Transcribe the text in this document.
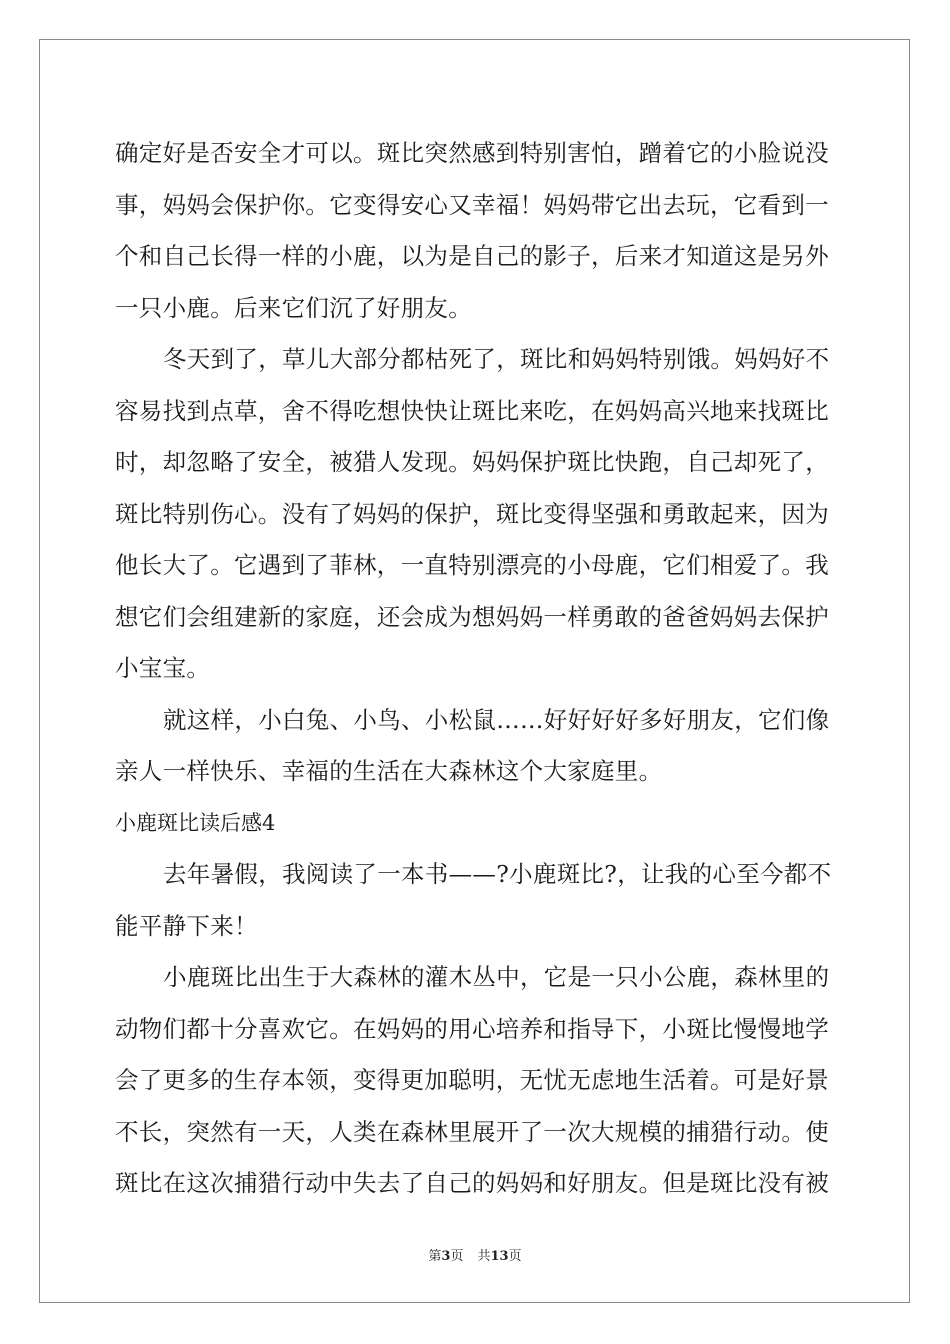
确定好是否安全才可以。斑比突然感到特别害怕，蹭着它的小脸说没
事，妈妈会保护你。它变得安心又幸福！妈妈带它出去玩，它看到一
个和自己长得一样的小鹿，以为是自己的影子，后来才知道这是另外
一只小鹿。后来它们沉了好朋友。
冬天到了，草儿大部分都枯死了，斑比和妈妈特别饿。妈妈好不
容易找到点草，舍不得吃想快快让斑比来吃，在妈妈高兴地来找斑比
时，却忽略了安全，被猎人发现。妈妈保护斑比快跑，自己却死了，
斑比特别伤心。没有了妈妈的保护，斑比变得坚强和勇敢起来，因为
他长大了。它遇到了菲林，一直特别漂亮的小母鹿，它们相爱了。我
想它们会组建新的家庭，还会成为想妈妈一样勇敢的爸爸妈妈去保护
小宝宝。
就这样，小白兔、小鸟、小松鼠……好好好好多好朋友，它们像
亲人一样快乐、幸福的生活在大森林这个大家庭里。
小鹿斑比读后感4
去年暑假，我阅读了一本书——?小鹿斑比?，让我的心至今都不
能平静下来！
小鹿斑比出生于大森林的灌木丛中，它是一只小公鹿，森林里的
动物们都十分喜欢它。在妈妈的用心培养和指导下，小斑比慢慢地学
会了更多的生存本领，变得更加聪明，无忧无虑地生活着。可是好景
不长，突然有一天，人类在森林里展开了一次大规模的捕猎行动。使
斑比在这次捕猎行动中失去了自己的妈妈和好朋友。但是斑比没有被
第3页 共13页
